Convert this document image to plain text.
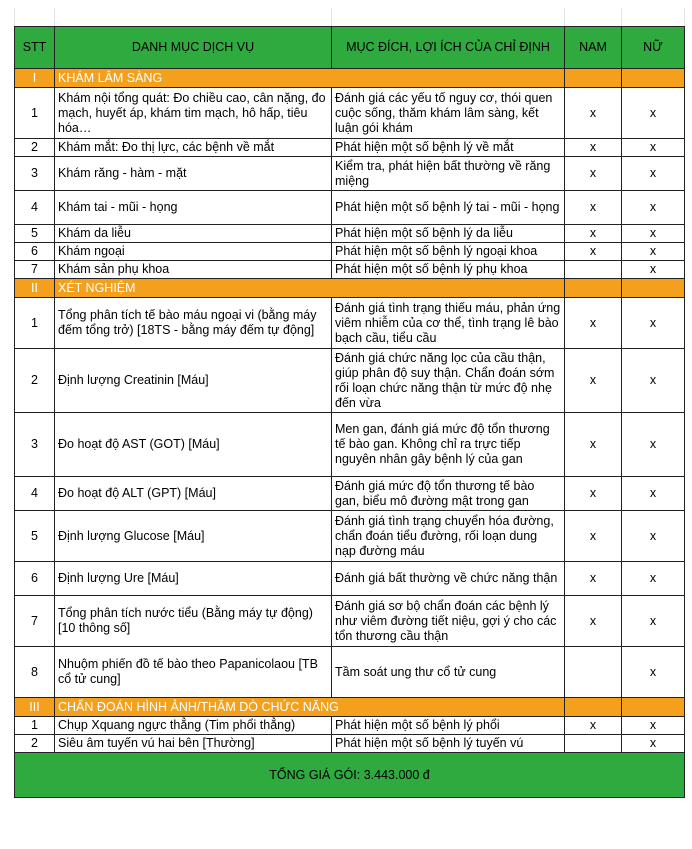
STT	DANH MỤC DỊCH VỤ	MỤC ĐÍCH, LỢI ÍCH CỦA CHỈ ĐỊNH	NAM	NỮ
I	KHÁM LÂM SÀNG			
1	Khám nội tổng quát: Đo chiều cao, cân nặng, đo mạch, huyết áp, khám tim mạch, hô hấp, tiêu hóa…	Đánh giá các yếu tố nguy cơ, thói quen cuộc sống, thăm khám lâm sàng, kết luận gói khám	x	x
2	Khám mắt: Đo thị lực, các bệnh về mắt	Phát hiện một số bệnh lý về mắt	x	x
3	Khám răng - hàm - mặt	Kiểm tra, phát hiện bất thường về răng miệng	x	x
4	Khám tai - mũi - họng	Phát hiện một số bệnh lý tai - mũi - họng	x	x
5	Khám da liễu	Phát hiện một số bệnh lý da liễu	x	x
6	Khám ngoại	Phát hiện một số bệnh lý ngoại khoa	x	x
7	Khám sản phụ khoa	Phát hiện một số bệnh lý phụ khoa		x
II	XÉT NGHIỆM			
1	Tổng phân tích tế bào máu ngoại vi (bằng máy đếm tổng trở) [18TS - bằng máy đếm tự động]	Đánh giá tình trạng thiếu máu, phản ứng viêm nhiễm của cơ thể, tình trạng lê bào bạch cầu, tiểu cầu	x	x
2	Định lượng Creatinin [Máu]	Đánh giá chức năng lọc của cầu thận, giúp phân độ suy thận. Chẩn đoán sớm rối loạn chức năng thận từ mức độ nhẹ đến vừa	x	x
3	Đo hoạt độ AST (GOT) [Máu]	Men gan, đánh giá mức độ tổn thương tế bào gan. Không chỉ ra trực tiếp nguyên nhân gây bệnh lý của gan	x	x
4	Đo hoạt độ ALT (GPT) [Máu]	Đánh giá mức độ tổn thương tế bào gan, biểu mô đường mật trong gan	x	x
5	Định lượng Glucose [Máu]	Đánh giá tình trạng chuyển hóa đường, chẩn đoán tiểu đường, rối loạn dung nạp đường máu	x	x
6	Định lượng Ure [Máu]	Đánh giá bất thường về chức năng thận	x	x
7	Tổng phân tích nước tiểu (Bằng máy tự động) [10 thông số]	Đánh giá sơ bộ chẩn đoán các bệnh lý như viêm đường tiết niệu, gợi ý cho các tổn thương cầu thận	x	x
8	Nhuộm phiến đồ tế bào theo Papanicolaou [TB cổ tử cung]	Tầm soát ung thư cổ tử cung		x
III	CHẨN ĐOÁN HÌNH ẢNH/THĂM DÒ CHỨC NĂNG			
1	Chụp Xquang ngực thẳng (Tim phổi thẳng)	Phát hiện một số bệnh lý phổi	x	x
2	Siêu âm tuyến vú hai bên [Thường]	Phát hiện một số bệnh lý tuyến vú		x
TỔNG GIÁ GÓI: 3.443.000 đ				
